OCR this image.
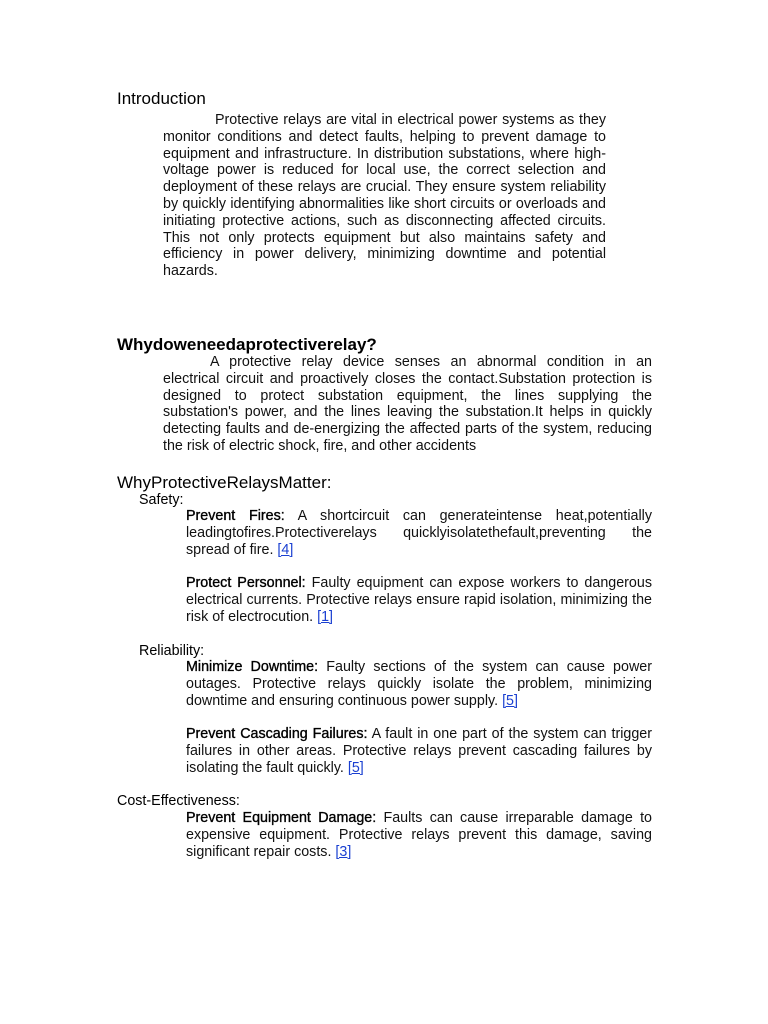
Introduction

Protective relays are vital in electrical power systems as they monitor conditions and detect faults, helping to prevent damage to equipment and infrastructure. In distribution substations, where high-voltage power is reduced for local use, the correct selection and deployment of these relays are crucial. They ensure system reliability by quickly identifying abnormalities like short circuits or overloads and initiating protective actions, such as disconnecting affected circuits. This not only protects equipment but also maintains safety and efficiency in power delivery, minimizing downtime and potential hazards.

Whydoweneedaprotectiverelay?

A protective relay device senses an abnormal condition in an electrical circuit and proactively closes the contact.Substation protection is designed to protect substation equipment, the lines supplying the substation's power, and the lines leaving the substation.It helps in quickly detecting faults and de-energizing the affected parts of the system, reducing the risk of electric shock, fire, and other accidents

WhyProtectiveRelaysMatter:
Safety:

Prevent Fires: A shortcircuit can generateintense heat,potentially leadingtofires.Protectiverelays quicklyisolatethefault,preventing the spread of fire. [4]

Protect Personnel: Faulty equipment can expose workers to dangerous electrical currents. Protective relays ensure rapid isolation, minimizing the risk of electrocution. [1]

Reliability:

Minimize Downtime: Faulty sections of the system can cause power outages. Protective relays quickly isolate the problem, minimizing downtime and ensuring continuous power supply. [5]

Prevent Cascading Failures: A fault in one part of the system can trigger failures in other areas. Protective relays prevent cascading failures by isolating the fault quickly. [5]

Cost-Effectiveness:

Prevent Equipment Damage: Faults can cause irreparable damage to expensive equipment. Protective relays prevent this damage, saving significant repair costs. [3]
